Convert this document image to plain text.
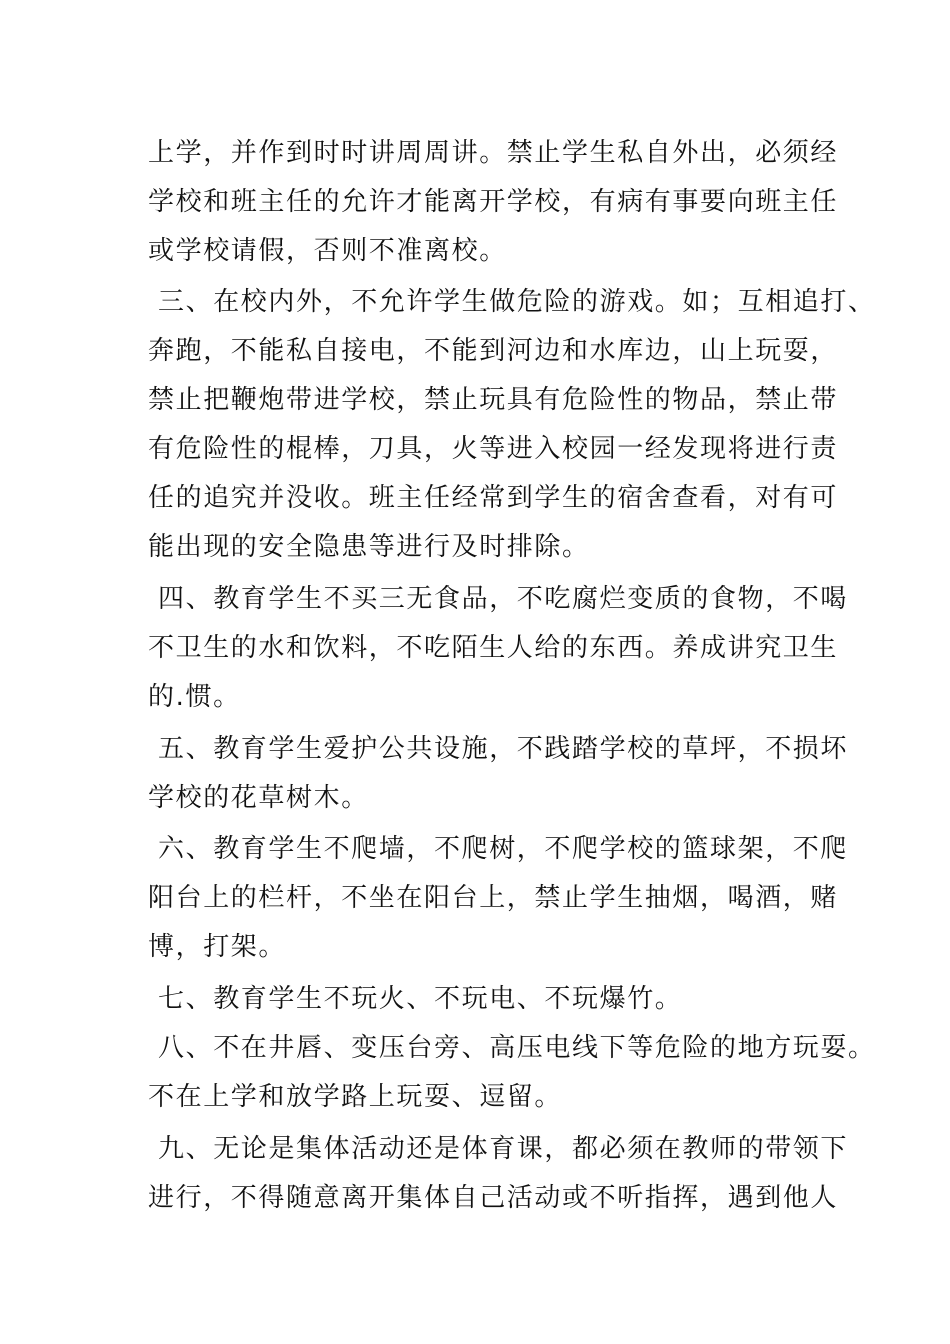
上学，并作到时时讲周周讲。禁止学生私自外出，必须经
学校和班主任的允许才能离开学校，有病有事要向班主任
或学校请假，否则不准离校。
三、在校内外，不允许学生做危险的游戏。如；互相追打、
奔跑，不能私自接电，不能到河边和水库边，山上玩耍，
禁止把鞭炮带进学校，禁止玩具有危险性的物品，禁止带
有危险性的棍棒，刀具，火等进入校园一经发现将进行责
任的追究并没收。班主任经常到学生的宿舍查看，对有可
能出现的安全隐患等进行及时排除。
四、教育学生不买三无食品，不吃腐烂变质的食物，不喝
不卫生的水和饮料，不吃陌生人给的东西。养成讲究卫生
的.惯。
五、教育学生爱护公共设施，不践踏学校的草坪，不损坏
学校的花草树木。
六、教育学生不爬墙，不爬树，不爬学校的篮球架，不爬
阳台上的栏杆，不坐在阳台上，禁止学生抽烟，喝酒，赌
博，打架。
七、教育学生不玩火、不玩电、不玩爆竹。
八、不在井唇、变压台旁、高压电线下等危险的地方玩耍。
不在上学和放学路上玩耍、逗留。
九、无论是集体活动还是体育课，都必须在教师的带领下
进行，不得随意离开集体自己活动或不听指挥，遇到他人
